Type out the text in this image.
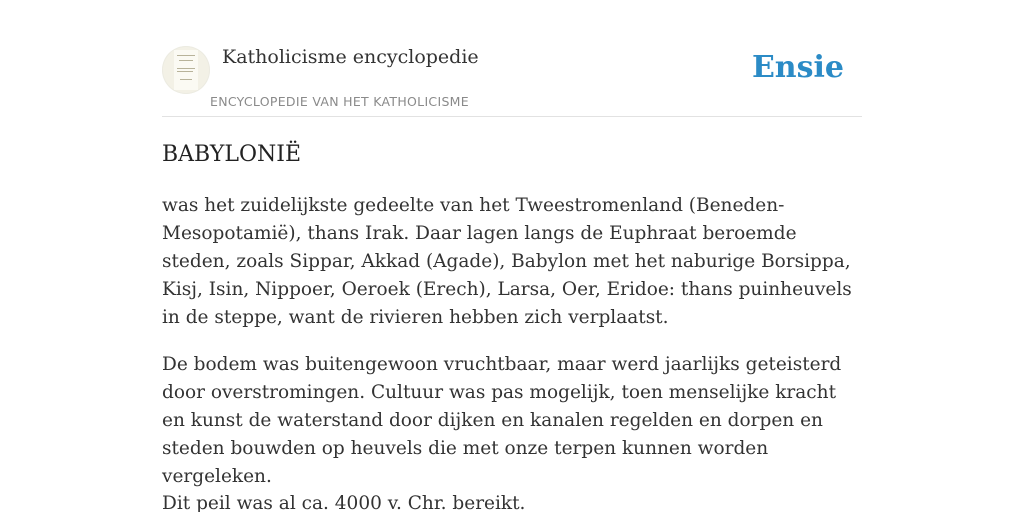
Katholicisme encyclopedie
ENCYCLOPEDIE VAN HET KATHOLICISME
Ensie
BABYLONIË

was het zuidelijkste gedeelte van het Tweestromenland (Beneden-Mesopotamië), thans Irak. Daar lagen langs de Euphraat beroemde steden, zoals Sippar, Akkad (Agade), Babylon met het naburige Borsippa, Kisj, Isin, Nippoer, Oeroek (Erech), Larsa, Oer, Eridoe: thans puinheuvels in de steppe, want de rivieren hebben zich verplaatst.

De bodem was buitengewoon vruchtbaar, maar werd jaarlijks geteisterd door overstromingen. Cultuur was pas mogelijk, toen menselijke kracht en kunst de waterstand door dijken en kanalen regelden en dorpen en steden bouwden op heuvels die met onze terpen kunnen worden vergeleken.

Dit peil was al ca. 4000 v. Chr. bereikt.
